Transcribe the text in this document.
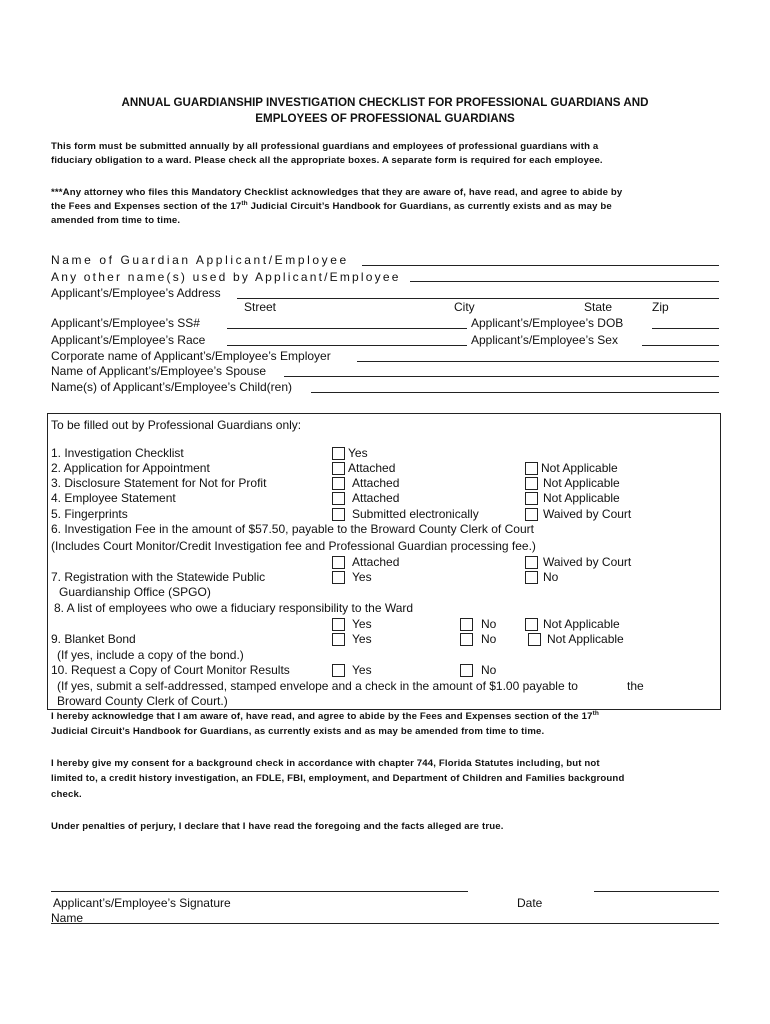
ANNUAL GUARDIANSHIP INVESTIGATION CHECKLIST FOR PROFESSIONAL GUARDIANS AND
EMPLOYEES OF PROFESSIONAL GUARDIANS
This form must be submitted annually by all professional guardians and employees of professional guardians with a
fiduciary obligation to a ward. Please check all the appropriate boxes. A separate form is required for each employee.
***Any attorney who files this Mandatory Checklist acknowledges that they are aware of, have read, and agree to abide by
the Fees and Expenses section of the 17th Judicial Circuit’s Handbook for Guardians, as currently exists and as may be
amended from time to time.
Name of Guardian Applicant/Employee
Any other name(s) used by Applicant/Employee
Applicant’s/Employee’s Address
Street	City	State	Zip
Applicant’s/Employee’s SS#	Applicant’s/Employee’s DOB
Applicant’s/Employee’s Race	Applicant’s/Employee’s Sex
Corporate name of Applicant’s/Employee’s Employer
Name of Applicant’s/Employee’s Spouse
Name(s) of Applicant’s/Employee’s Child(ren)
To be filled out by Professional Guardians only:
1. Investigation Checklist	Yes
2. Application for Appointment	Attached	Not Applicable
3. Disclosure Statement for Not for Profit	Attached	Not Applicable
4. Employee Statement	Attached	Not Applicable
5. Fingerprints	Submitted electronically	Waived by Court
6. Investigation Fee in the amount of $57.50, payable to the Broward County Clerk of Court
(Includes Court Monitor/Credit Investigation fee and Professional Guardian processing fee.)
Attached	Waived by Court
7. Registration with the Statewide Public
Guardianship Office (SPGO)
Yes	No
8. A list of employees who owe a fiduciary responsibility to the Ward
Yes	No	Not Applicable
9. Blanket Bond	Yes	No	Not Applicable
(If yes, include a copy of the bond.)
10. Request a Copy of Court Monitor Results	Yes	No
(If yes, submit a self-addressed, stamped envelope and a check in the amount of $1.00 payable to	the
Broward County Clerk of Court.)
I hereby acknowledge that I am aware of, have read, and agree to abide by the Fees and Expenses section of the 17th
Judicial Circuit’s Handbook for Guardians, as currently exists and as may be amended from time to time.
I hereby give my consent for a background check in accordance with chapter 744, Florida Statutes including, but not
limited to, a credit history investigation, an FDLE, FBI, employment, and Department of Children and Families background
check.
Under penalties of perjury, I declare that I have read the foregoing and the facts alleged are true.
Applicant’s/Employee’s Signature	Date
Name
